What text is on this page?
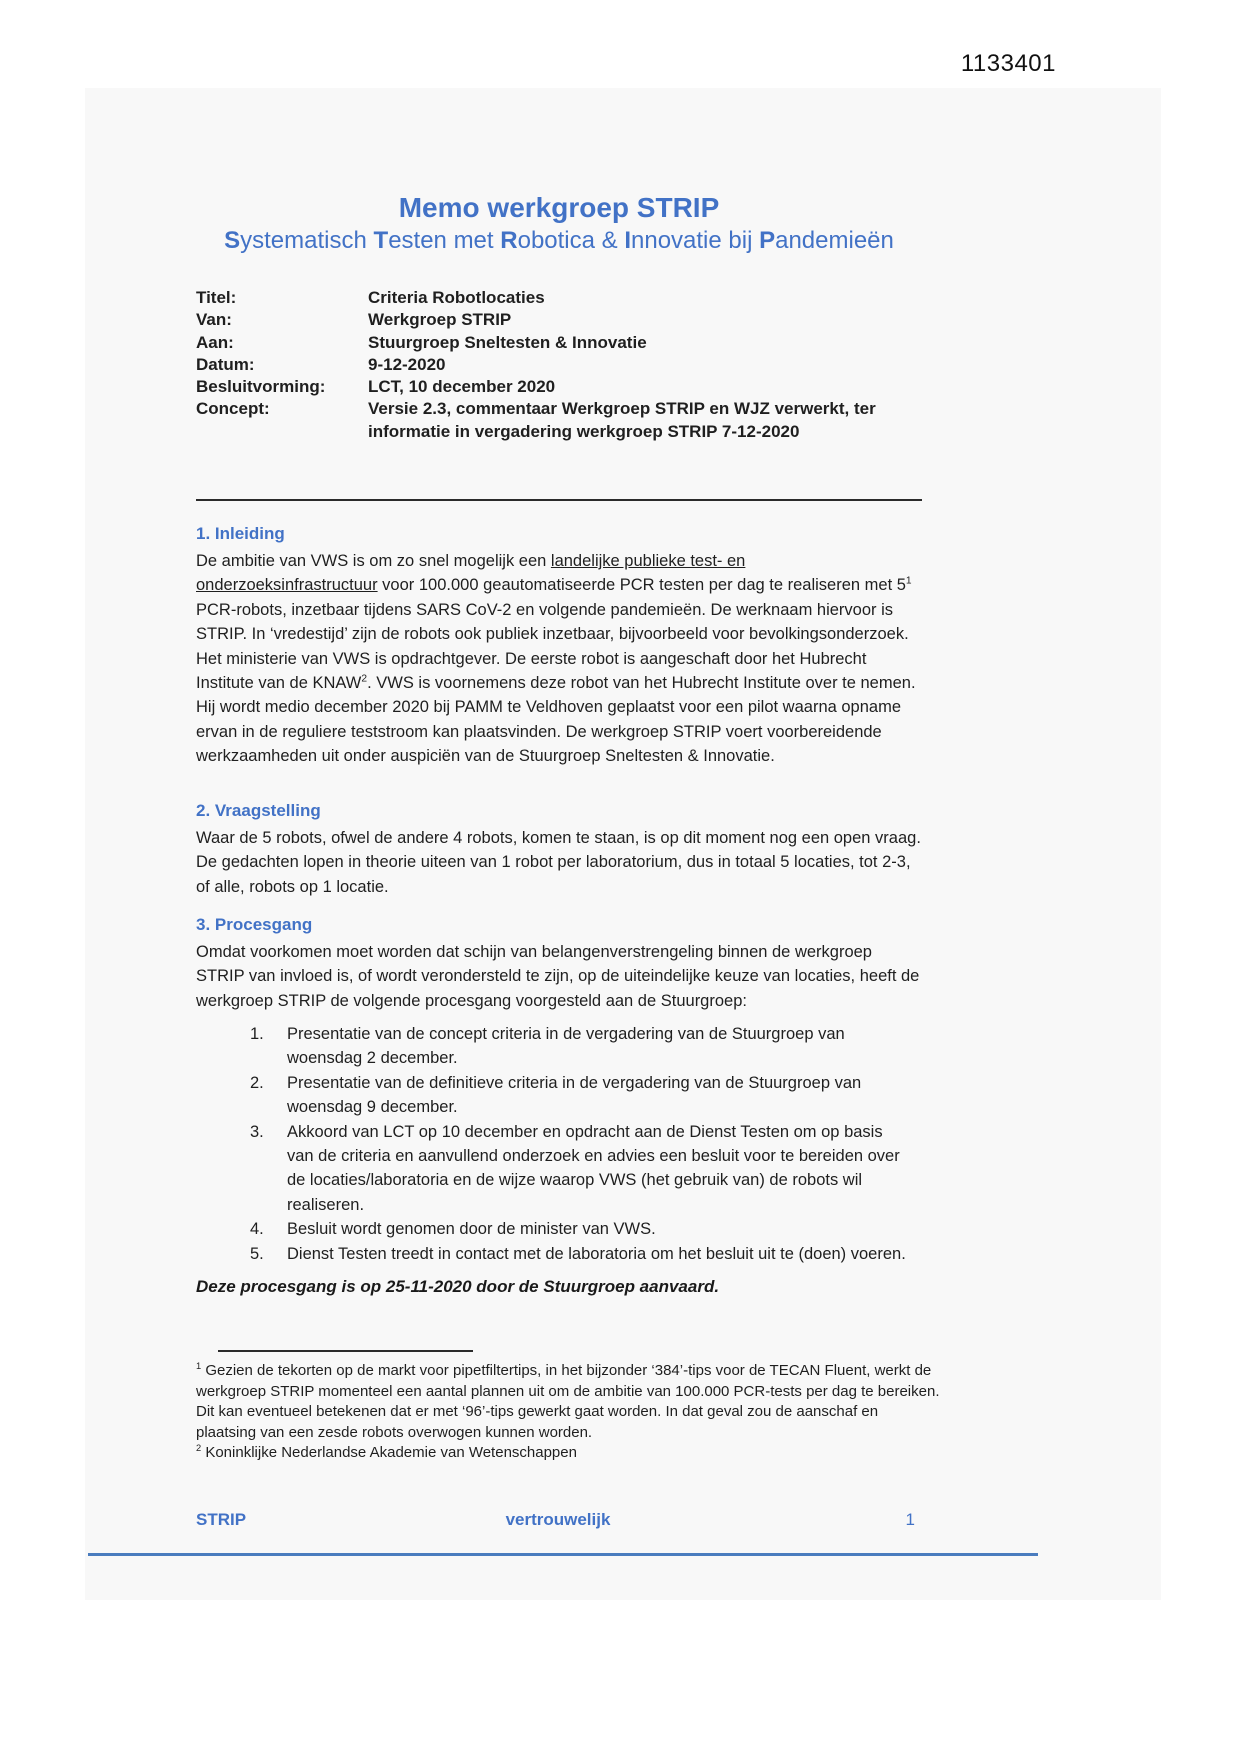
1133401
Memo werkgroep STRIP
Systematisch Testen met Robotica & Innovatie bij Pandemieën
Titel:	Criteria Robotlocaties
Van:	Werkgroep STRIP
Aan:	Stuurgroep Sneltesten & Innovatie
Datum:	9-12-2020
Besluitvorming:	LCT, 10 december 2020
Concept:	Versie 2.3, commentaar Werkgroep STRIP en WJZ verwerkt, ter informatie in vergadering werkgroep STRIP 7-12-2020
1. Inleiding
De ambitie van VWS is om zo snel mogelijk een landelijke publieke test- en onderzoeksinfrastructuur voor 100.000 geautomatiseerde PCR testen per dag te realiseren met $5^1$ PCR-robots, inzetbaar tijdens SARS CoV-2 en volgende pandemieën. De werknaam hiervoor is STRIP. In ‘vredestijd’ zijn de robots ook publiek inzetbaar, bijvoorbeeld voor bevolkingsonderzoek. Het ministerie van VWS is opdrachtgever. De eerste robot is aangeschaft door het Hubrecht Institute van de KNAW$^2$. VWS is voornemens deze robot van het Hubrecht Institute over te nemen. Hij wordt medio december 2020 bij PAMM te Veldhoven geplaatst voor een pilot waarna opname ervan in de reguliere teststroom kan plaatsvinden. De werkgroep STRIP voert voorbereidende werkzaamheden uit onder auspiciën van de Stuurgroep Sneltesten & Innovatie.
2. Vraagstelling
Waar de 5 robots, ofwel de andere 4 robots, komen te staan, is op dit moment nog een open vraag. De gedachten lopen in theorie uiteen van 1 robot per laboratorium, dus in totaal 5 locaties, tot 2-3, of alle, robots op 1 locatie.
3. Procesgang
Omdat voorkomen moet worden dat schijn van belangenverstrengeling binnen de werkgroep STRIP van invloed is, of wordt verondersteld te zijn, op de uiteindelijke keuze van locaties, heeft de werkgroep STRIP de volgende procesgang voorgesteld aan de Stuurgroep:
1.	Presentatie van de concept criteria in de vergadering van de Stuurgroep van woensdag 2 december.
2.	Presentatie van de definitieve criteria in de vergadering van de Stuurgroep van woensdag 9 december.
3.	Akkoord van LCT op 10 december en opdracht aan de Dienst Testen om op basis van de criteria en aanvullend onderzoek en advies een besluit voor te bereiden over de locaties/laboratoria en de wijze waarop VWS (het gebruik van) de robots wil realiseren.
4.	Besluit wordt genomen door de minister van VWS.
5.	Dienst Testen treedt in contact met de laboratoria om het besluit uit te (doen) voeren.
Deze procesgang is op 25-11-2020 door de Stuurgroep aanvaard.
$^1$ Gezien de tekorten op de markt voor pipetfiltertips, in het bijzonder ‘384’-tips voor de TECAN Fluent, werkt de werkgroep STRIP momenteel een aantal plannen uit om de ambitie van 100.000 PCR-tests per dag te bereiken. Dit kan eventueel betekenen dat er met ‘96’-tips gewerkt gaat worden. In dat geval zou de aanschaf en plaatsing van een zesde robots overwogen kunnen worden.
$^2$ Koninklijke Nederlandse Akademie van Wetenschappen
vertrouwelijk
STRIP	1
